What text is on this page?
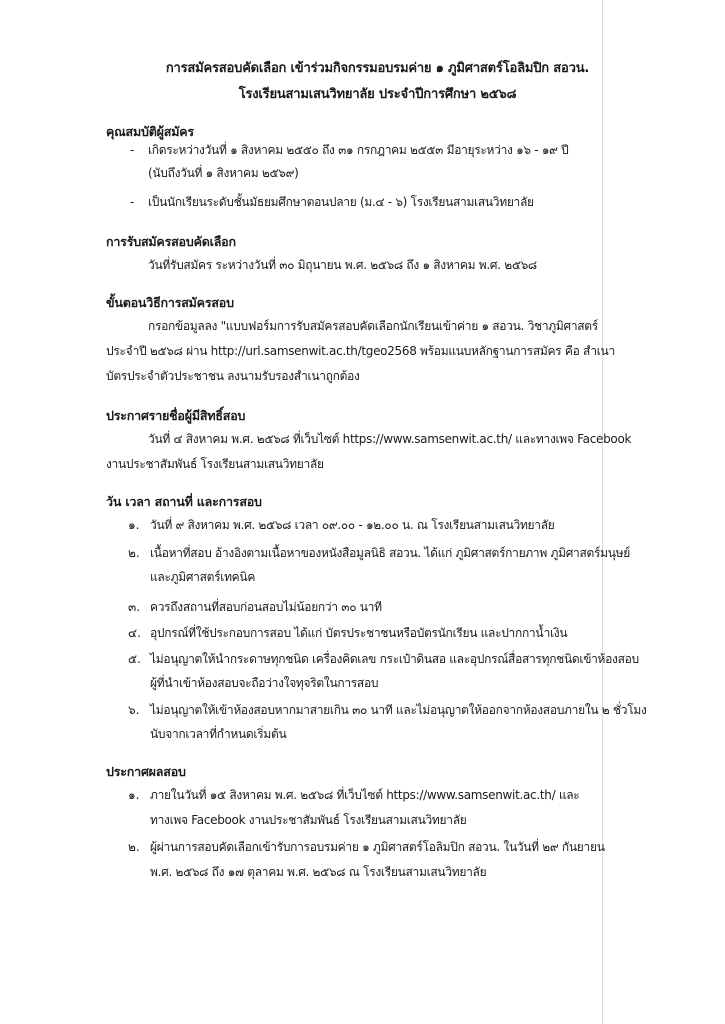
การสมัครสอบคัดเลือก เข้าร่วมกิจกรรมอบรมค่าย ๑ ภูมิศาสตร์โอลิมปิก สอวน.
โรงเรียนสามเสนวิทยาลัย ประจำปีการศึกษา ๒๕๖๘
คุณสมบัติผู้สมัคร
- เกิดระหว่างวันที่ ๑ สิงหาคม ๒๕๕๐ ถึง ๓๑ กรกฎาคม ๒๕๕๓ มีอายุระหว่าง ๑๖ - ๑๙ ปี
(นับถึงวันที่ ๑ สิงหาคม ๒๕๖๙)
- เป็นนักเรียนระดับชั้นมัธยมศึกษาตอนปลาย (ม.๔ - ๖) โรงเรียนสามเสนวิทยาลัย
การรับสมัครสอบคัดเลือก
วันที่รับสมัคร ระหว่างวันที่ ๓๐ มิถุนายน พ.ศ. ๒๕๖๘ ถึง ๑ สิงหาคม พ.ศ. ๒๕๖๘
ขั้นตอนวิธีการสมัครสอบ
กรอกข้อมูลลง "แบบฟอร์มการรับสมัครสอบคัดเลือกนักเรียนเข้าค่าย ๑ สอวน. วิชาภูมิศาสตร์
ประจำปี ๒๕๖๘ ผ่าน http://url.samsenwit.ac.th/tgeo2568 พร้อมแนบหลักฐานการสมัคร คือ สำเนา
บัตรประจำตัวประชาชน ลงนามรับรองสำเนาถูกต้อง
ประกาศรายชื่อผู้มีสิทธิ์สอบ
วันที่ ๔ สิงหาคม พ.ศ. ๒๕๖๘ ที่เว็บไซต์ https://www.samsenwit.ac.th/ และทางเพจ Facebook
งานประชาสัมพันธ์ โรงเรียนสามเสนวิทยาลัย
วัน เวลา สถานที่ และการสอบ
๑. วันที่ ๙ สิงหาคม พ.ศ. ๒๕๖๘ เวลา ๐๙.๐๐ - ๑๒.๐๐ น. ณ โรงเรียนสามเสนวิทยาลัย
๒. เนื้อหาที่สอบ อ้างอิงตามเนื้อหาของหนังสือมูลนิธิ สอวน. ได้แก่ ภูมิศาสตร์กายภาพ ภูมิศาสตร์มนุษย์
และภูมิศาสตร์เทคนิค
๓. ควรถึงสถานที่สอบก่อนสอบไม่น้อยกว่า ๓๐ นาที
๔. อุปกรณ์ที่ใช้ประกอบการสอบ ได้แก่ บัตรประชาชนหรือบัตรนักเรียน และปากกาน้ำเงิน
๕. ไม่อนุญาตให้นำกระดาษทุกชนิด เครื่องคิดเลข กระเป๋าดินสอ และอุปกรณ์สื่อสารทุกชนิดเข้าห้องสอบ
ผู้ที่นำเข้าห้องสอบจะถือว่างใจทุจริตในการสอบ
๖. ไม่อนุญาตให้เข้าห้องสอบหากมาสายเกิน ๓๐ นาที และไม่อนุญาตให้ออกจากห้องสอบภายใน ๒ ชั่วโมง
นับจากเวลาที่กำหนดเริ่มต้น
ประกาศผลสอบ
๑. ภายในวันที่ ๑๕ สิงหาคม พ.ศ. ๒๕๖๘ ที่เว็บไซต์ https://www.samsenwit.ac.th/ และ
ทางเพจ Facebook งานประชาสัมพันธ์ โรงเรียนสามเสนวิทยาลัย
๒. ผู้ผ่านการสอบคัดเลือกเข้ารับการอบรมค่าย ๑ ภูมิศาสตร์โอลิมปิก สอวน. ในวันที่ ๒๙ กันยายน
พ.ศ. ๒๕๖๘ ถึง ๑๗ ตุลาคม พ.ศ. ๒๕๖๘ ณ โรงเรียนสามเสนวิทยาลัย
